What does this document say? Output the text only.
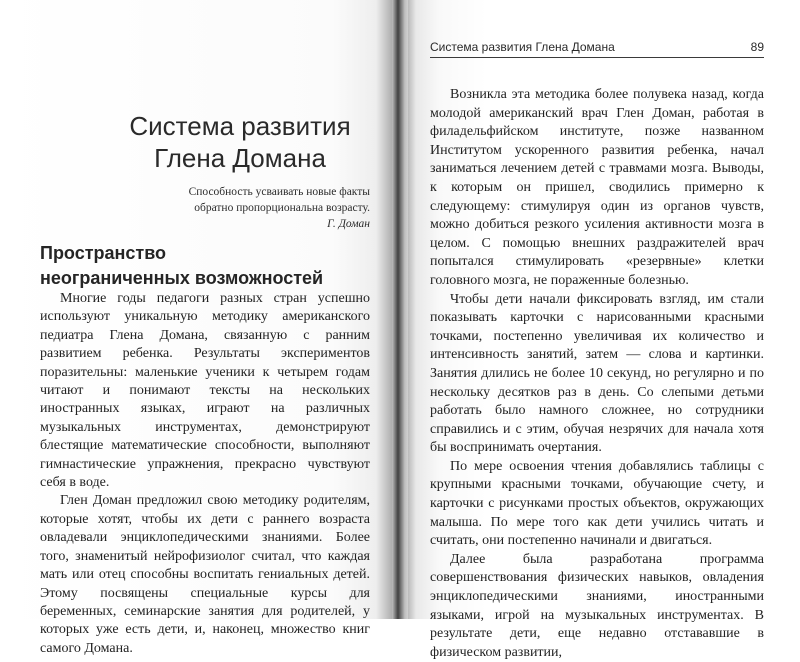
Система развития
Глена Домана
Способность усваивать новые факты
обратно пропорциональна возрасту.
Г. Доман
Пространство
неограниченных возможностей

Многие годы педагоги разных стран успешно используют уникальную методику американского педиатра Глена Домана, связанную с ранним развитием ребенка. Результаты экспериментов поразительны: маленькие ученики к четырем годам читают и понимают тексты на нескольких иностранных языках, играют на различных музыкальных инструментах, демонстрируют блестящие математические способности, выполняют гимнастические упражнения, прекрасно чувствуют себя в воде.

Глен Доман предложил свою методику родителям, которые хотят, чтобы их дети с раннего возраста овладевали энциклопедическими знаниями. Более того, знаменитый нейрофизиолог считал, что каждая мать или отец способны воспитать гениальных детей. Этому посвящены специальные курсы для беременных, семинарские занятия для родителей, у которых уже есть дети, и, наконец, множество книг самого Домана.

Система развития Глена Домана	89

Возникла эта методика более полувека назад, когда молодой американский врач Глен Доман, работая в филадельфийском институте, позже названном Институтом ускоренного развития ребенка, начал заниматься лечением детей с травмами мозга. Выводы, к которым он пришел, сводились примерно к следующему: стимулируя один из органов чувств, можно добиться резкого усиления активности мозга в целом. С помощью внешних раздражителей врач попытался стимулировать «резервные» клетки головного мозга, не пораженные болезнью.

Чтобы дети начали фиксировать взгляд, им стали показывать карточки с нарисованными красными точками, постепенно увеличивая их количество и интенсивность занятий, затем — слова и картинки. Занятия длились не более 10 секунд, но регулярно и по нескольку десятков раз в день. Со слепыми детьми работать было намного сложнее, но сотрудники справились и с этим, обучая незрячих для начала хотя бы воспринимать очертания.

По мере освоения чтения добавлялись таблицы с крупными красными точками, обучающие счету, и карточки с рисунками простых объектов, окружающих малыша. По мере того как дети учились читать и считать, они постепенно начинали и двигаться.

Далее была разработана программа совершенствования физических навыков, овладения энциклопедическими знаниями, иностранными языками, игрой на музыкальных инструментах. В результате дети, еще недавно отстававшие в физическом развитии,
